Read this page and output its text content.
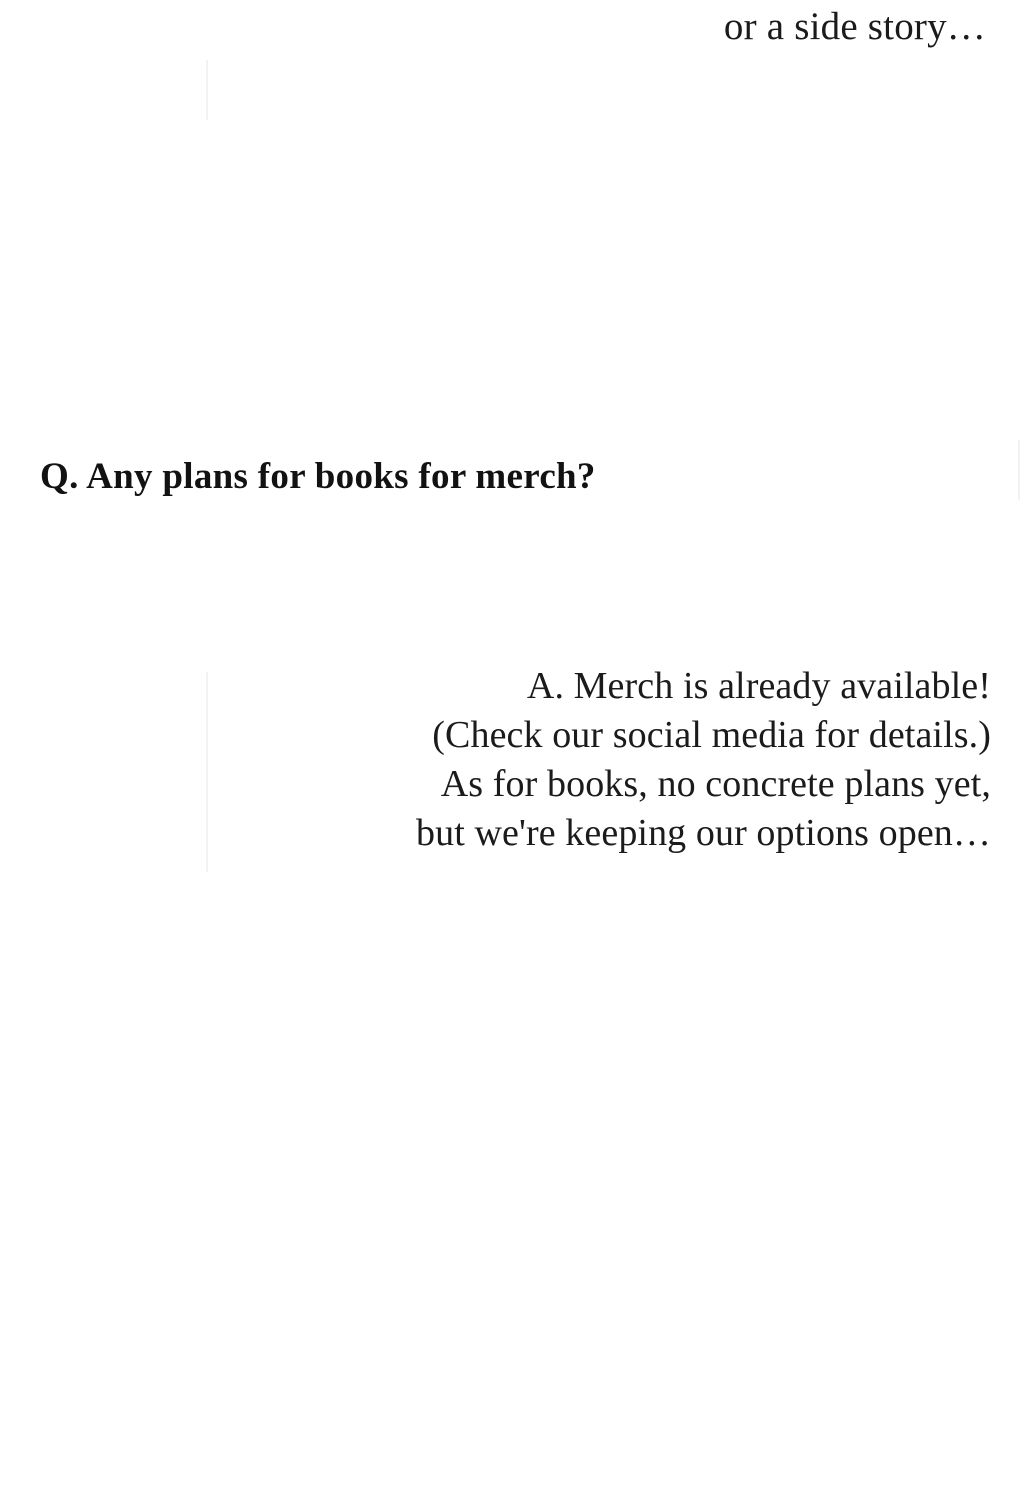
or a side story…
Q. Any plans for books for merch?
A. Merch is already available!
(Check our social media for details.)
As for books, no concrete plans yet,
but we're keeping our options open…
